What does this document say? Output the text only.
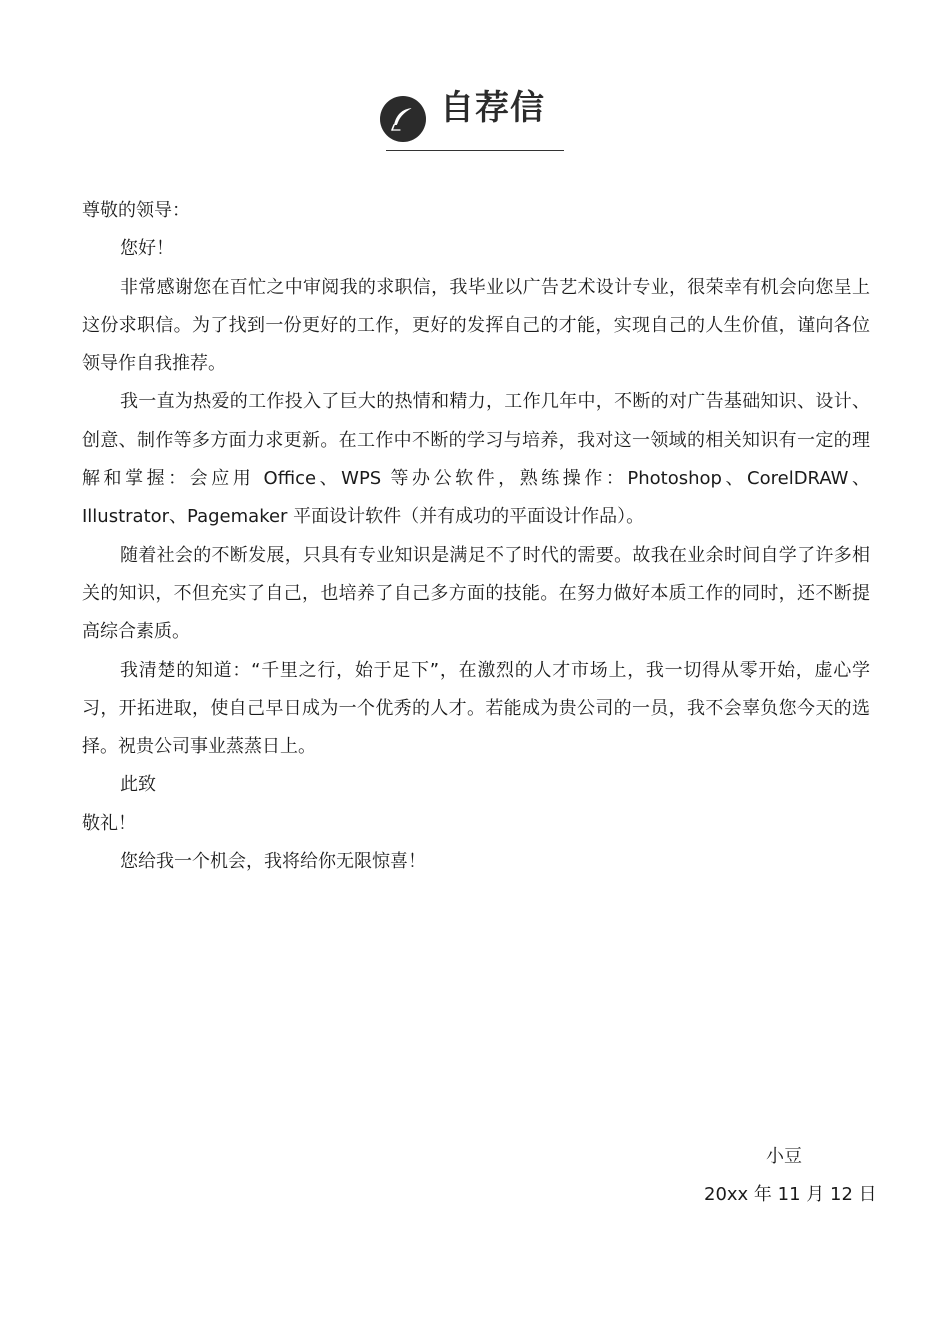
自荐信

尊敬的领导：

您好！

非常感谢您在百忙之中审阅我的求职信，我毕业以广告艺术设计专业，很荣幸有机会向您呈上这份求职信。为了找到一份更好的工作，更好的发挥自己的才能，实现自己的人生价值，谨向各位领导作自我推荐。

我一直为热爱的工作投入了巨大的热情和精力，工作几年中，不断的对广告基础知识、设计、创意、制作等多方面力求更新。在工作中不断的学习与培养，我对这一领域的相关知识有一定的理解和掌握：会应用 Office、WPS 等办公软件，熟练操作：Photoshop、CorelDRAW、Illustrator、Pagemaker 平面设计软件（并有成功的平面设计作品）。

随着社会的不断发展，只具有专业知识是满足不了时代的需要。故我在业余时间自学了许多相关的知识，不但充实了自己，也培养了自己多方面的技能。在努力做好本质工作的同时，还不断提高综合素质。

我清楚的知道：“千里之行，始于足下”，在激烈的人才市场上，我一切得从零开始，虚心学习，开拓进取，使自己早日成为一个优秀的人才。若能成为贵公司的一员，我不会辜负您今天的选择。祝贵公司事业蒸蒸日上。

此致

敬礼！

您给我一个机会，我将给你无限惊喜！

小豆
20xx 年 11 月 12 日
